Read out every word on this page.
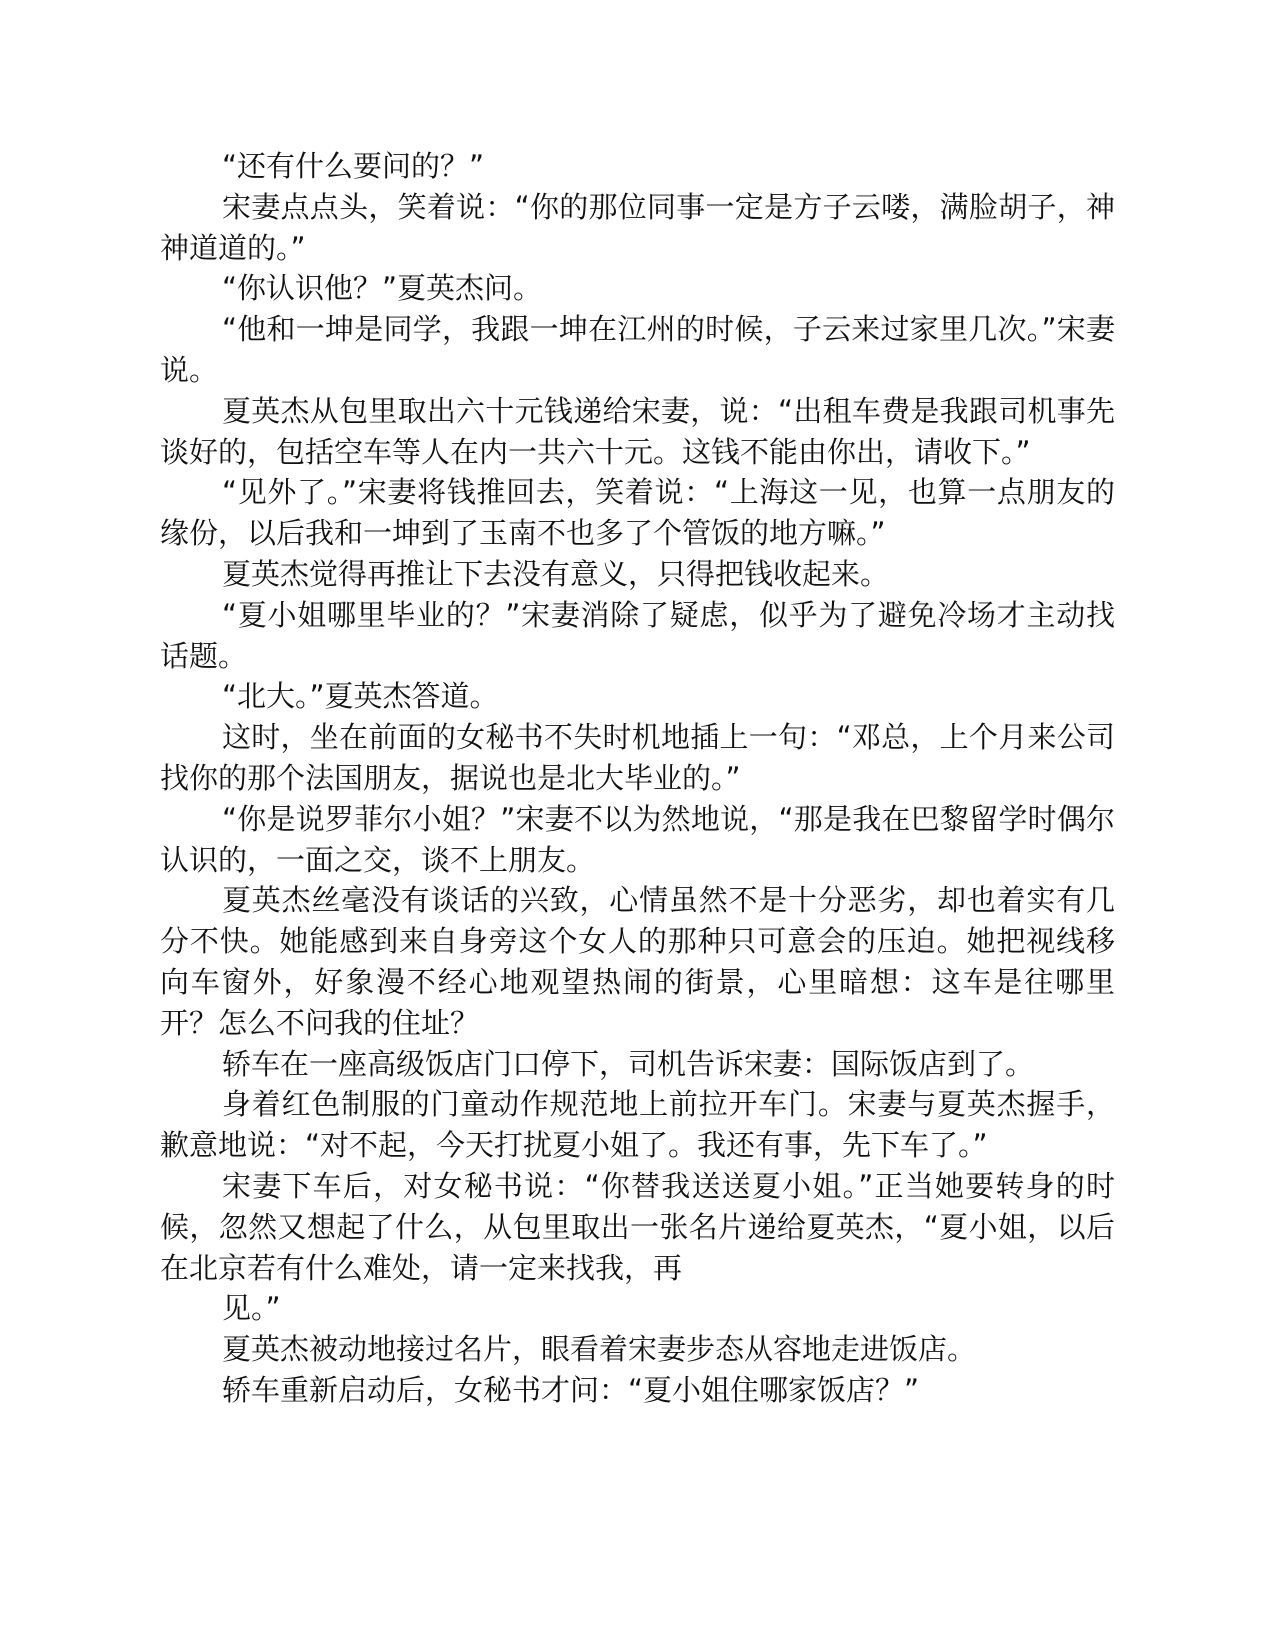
“还有什么要问的？”

宋妻点点头，笑着说：“你的那位同事一定是方子云喽，满脸胡子，神神道道的。”

“你认识他？”夏英杰问。

“他和一坤是同学，我跟一坤在江州的时候，子云来过家里几次。”宋妻说。

夏英杰从包里取出六十元钱递给宋妻，说：“出租车费是我跟司机事先谈好的，包括空车等人在内一共六十元。这钱不能由你出，请收下。”

“见外了。”宋妻将钱推回去，笑着说：“上海这一见，也算一点朋友的缘份，以后我和一坤到了玉南不也多了个管饭的地方嘛。”

夏英杰觉得再推让下去没有意义，只得把钱收起来。

“夏小姐哪里毕业的？”宋妻消除了疑虑，似乎为了避免冷场才主动找话题。

“北大。”夏英杰答道。

这时，坐在前面的女秘书不失时机地插上一句：“邓总，上个月来公司找你的那个法国朋友，据说也是北大毕业的。”

“你是说罗菲尔小姐？”宋妻不以为然地说，“那是我在巴黎留学时偶尔认识的，一面之交，谈不上朋友。

夏英杰丝毫没有谈话的兴致，心情虽然不是十分恶劣，却也着实有几分不快。她能感到来自身旁这个女人的那种只可意会的压迫。她把视线移向车窗外，好象漫不经心地观望热闹的街景，心里暗想：这车是往哪里开？怎么不问我的住址？

轿车在一座高级饭店门口停下，司机告诉宋妻：国际饭店到了。

身着红色制服的门童动作规范地上前拉开车门。宋妻与夏英杰握手，歉意地说：“对不起，今天打扰夏小姐了。我还有事，先下车了。”

宋妻下车后，对女秘书说：“你替我送送夏小姐。”正当她要转身的时候，忽然又想起了什么，从包里取出一张名片递给夏英杰，“夏小姐，以后在北京若有什么难处，请一定来找我，再

见。”

夏英杰被动地接过名片，眼看着宋妻步态从容地走进饭店。

轿车重新启动后，女秘书才问：“夏小姐住哪家饭店？”
